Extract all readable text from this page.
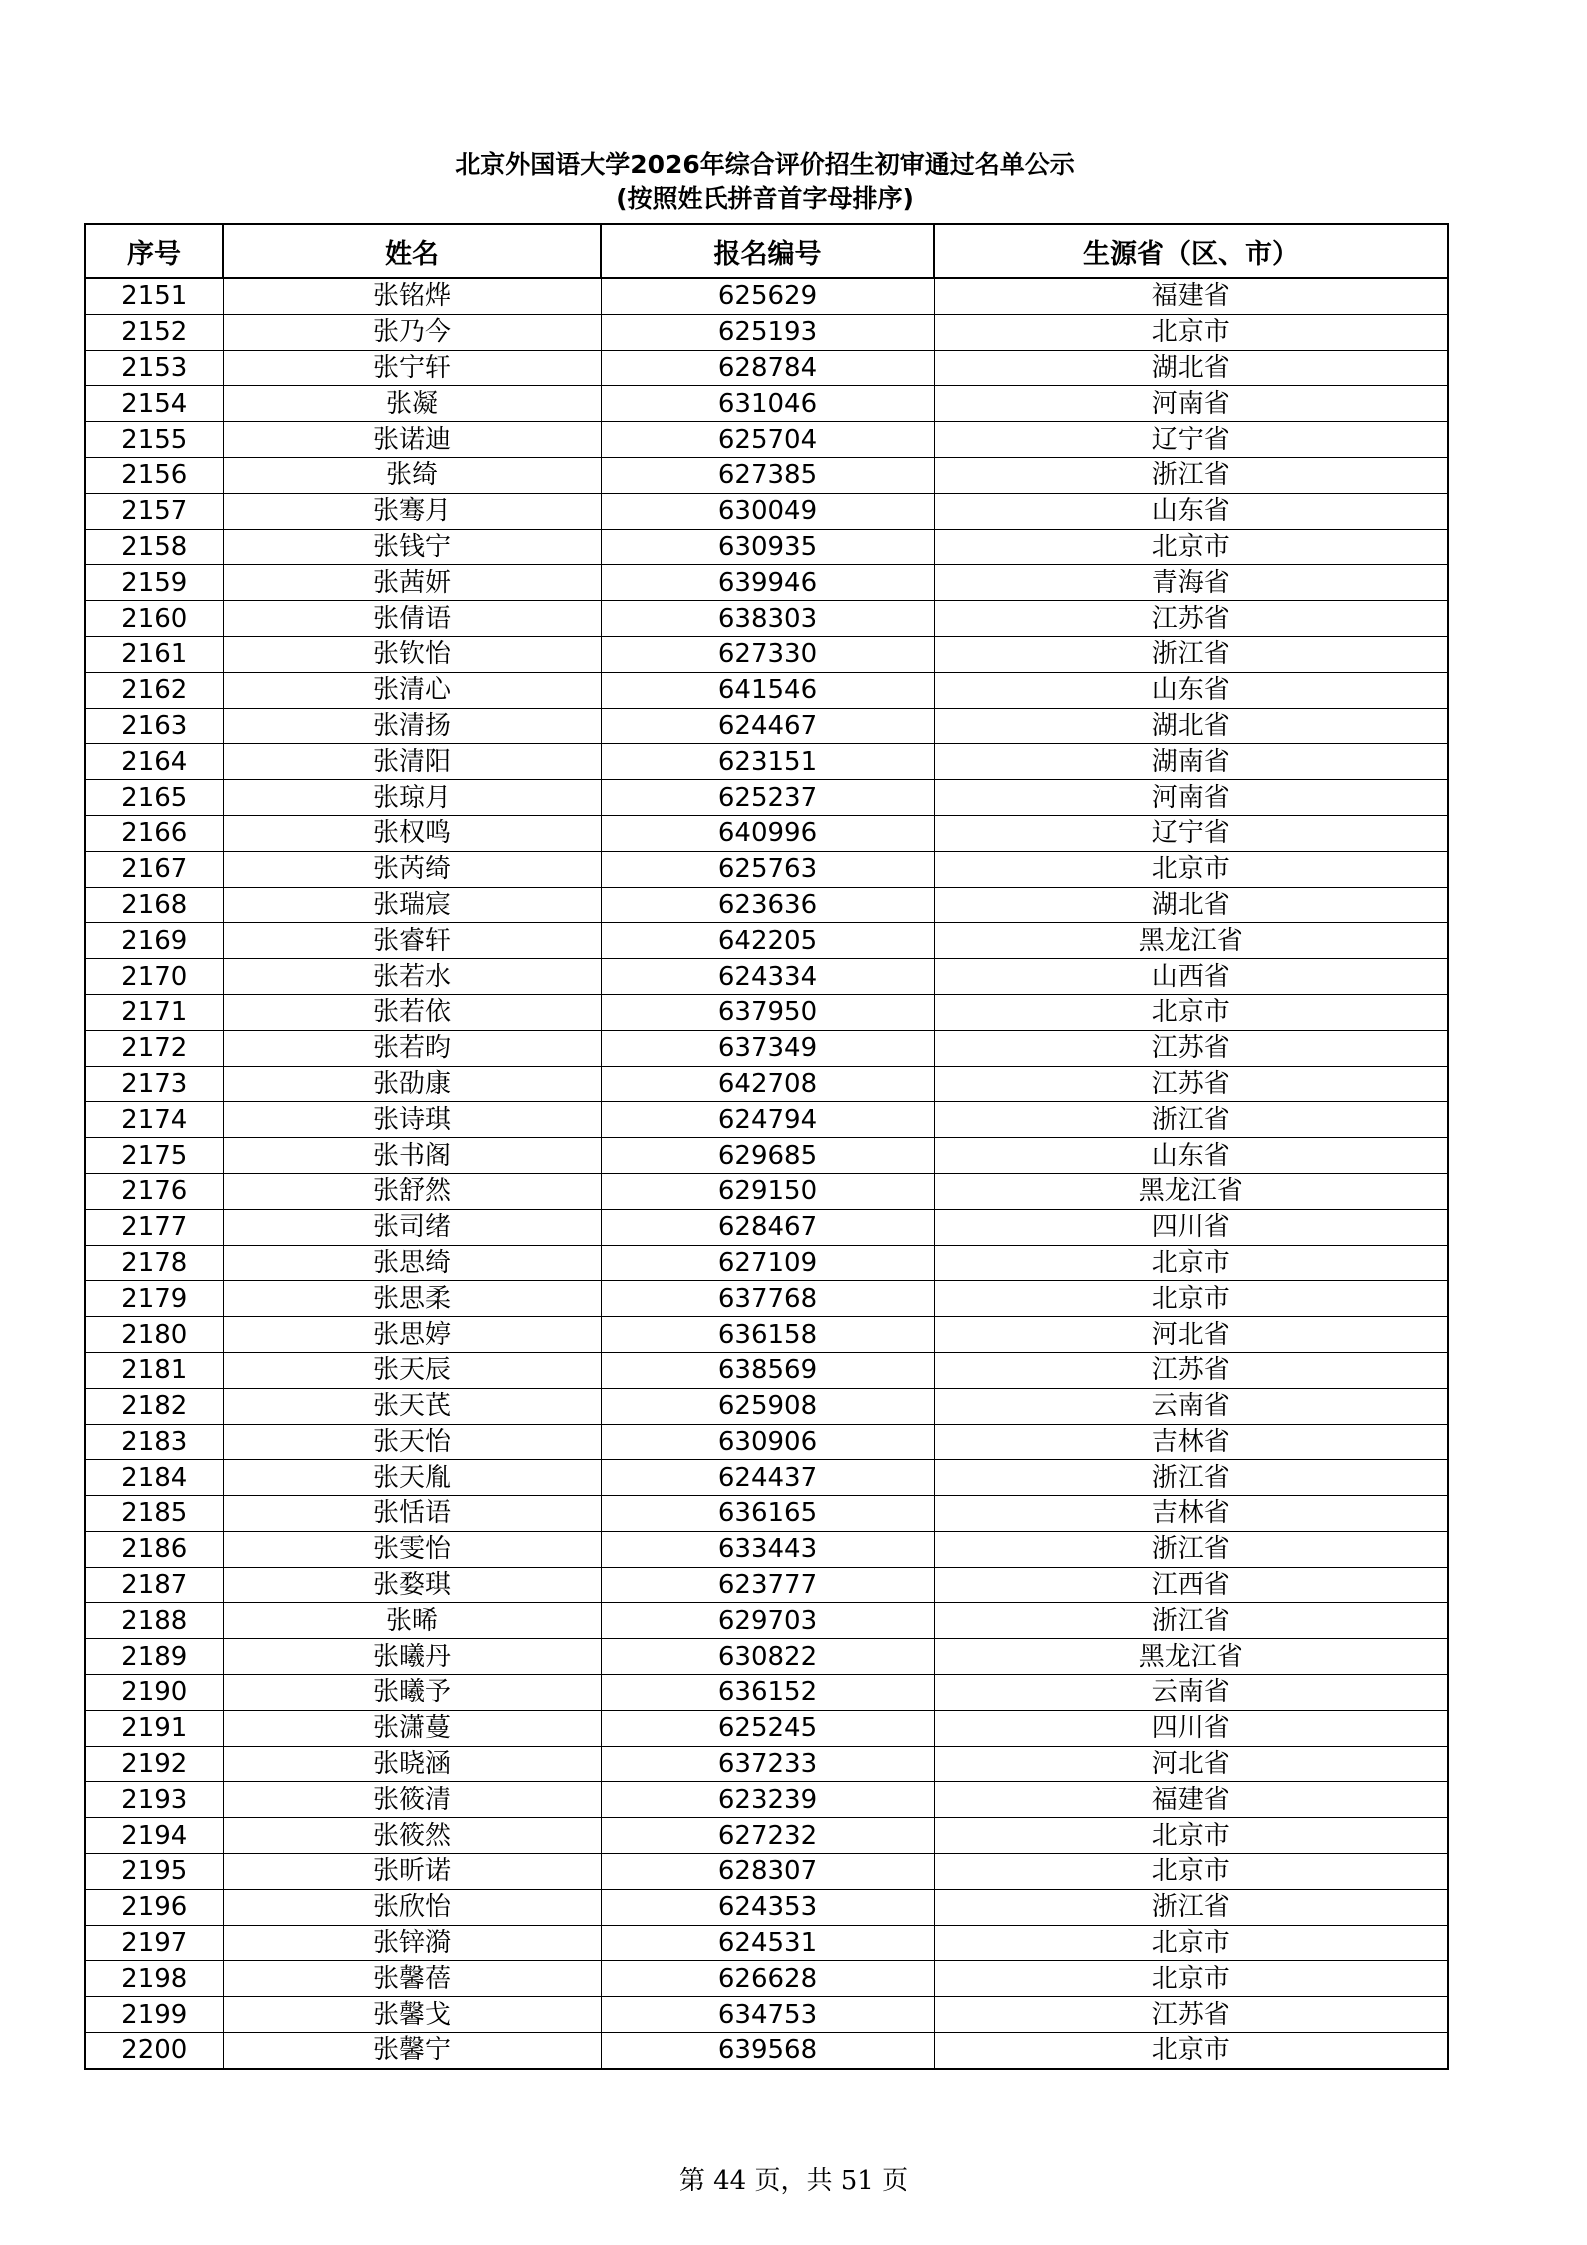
北京外国语大学2026年综合评价招生初审通过名单公示
(按照姓氏拼音首字母排序)
序号	姓名	报名编号	生源省（区、市）
2151	张铭烨	625629	福建省
2152	张乃今	625193	北京市
2153	张宁轩	628784	湖北省
2154	张凝	631046	河南省
2155	张诺迪	625704	辽宁省
2156	张绮	627385	浙江省
2157	张骞月	630049	山东省
2158	张钱宁	630935	北京市
2159	张茜妍	639946	青海省
2160	张倩语	638303	江苏省
2161	张钦怡	627330	浙江省
2162	张清心	641546	山东省
2163	张清扬	624467	湖北省
2164	张清阳	623151	湖南省
2165	张琼月	625237	河南省
2166	张权鸣	640996	辽宁省
2167	张芮绮	625763	北京市
2168	张瑞宸	623636	湖北省
2169	张睿轩	642205	黑龙江省
2170	张若水	624334	山西省
2171	张若依	637950	北京市
2172	张若昀	637349	江苏省
2173	张劭康	642708	江苏省
2174	张诗琪	624794	浙江省
2175	张书阁	629685	山东省
2176	张舒然	629150	黑龙江省
2177	张司绪	628467	四川省
2178	张思绮	627109	北京市
2179	张思柔	637768	北京市
2180	张思婷	636158	河北省
2181	张天辰	638569	江苏省
2182	张天芪	625908	云南省
2183	张天怡	630906	吉林省
2184	张天胤	624437	浙江省
2185	张恬语	636165	吉林省
2186	张雯怡	633443	浙江省
2187	张婺琪	623777	江西省
2188	张晞	629703	浙江省
2189	张曦丹	630822	黑龙江省
2190	张曦予	636152	云南省
2191	张潇蔓	625245	四川省
2192	张晓涵	637233	河北省
2193	张筱清	623239	福建省
2194	张筱然	627232	北京市
2195	张昕诺	628307	北京市
2196	张欣怡	624353	浙江省
2197	张锌漪	624531	北京市
2198	张馨蓓	626628	北京市
2199	张馨戈	634753	江苏省
2200	张馨宁	639568	北京市
第 44 页，共 51 页
